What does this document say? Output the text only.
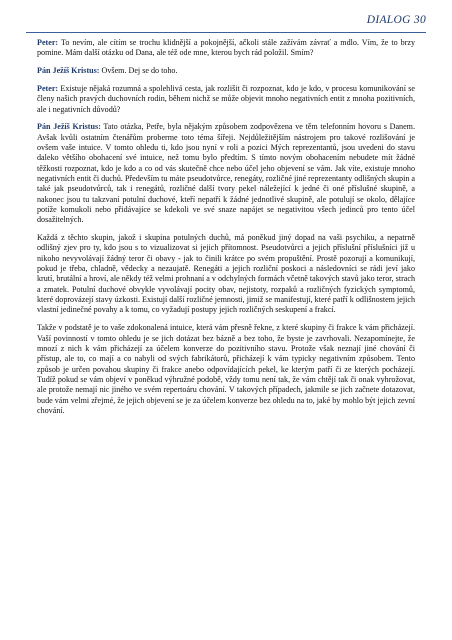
DIALOG 30

Peter: To nevím, ale cítím se trochu klidnější a pokojnější, ačkoli stále zažívám závrať a mdlo. Vím, že to brzy pomine. Mám další otázku od Dana, ale též ode mne, kterou bych rád položil. Smím?

Pán Ježíš Kristus: Ovšem. Dej se do toho.

Peter: Existuje nějaká rozumná a spolehlivá cesta, jak rozlišit či rozpoznat, kdo je kdo, v procesu komunikování se členy našich pravých duchovních rodin, během nichž se může objevit mnoho negativních entit z mnoha pozitivních, ale i negativních důvodů?

Pán Ježíš Kristus: Tato otázka, Petře, byla nějakým způsobem zodpovězena ve těm telefonním hovoru s Danem. Avšak kvůli ostatním čtenářům proberme toto téma šířeji. Nejdůležitějším nástrojem pro takové rozlišování je ovšem vaše intuice. V tomto ohledu ti, kdo jsou nyní v roli a pozici Mých reprezentantů, jsou uvedeni do stavu daleko většího obohacení své intuice, než tomu bylo předtím. S tímto novým obohacením nebudete mít žádné těžkosti rozpoznat, kdo je kdo a co od vás skutečně chce nebo účel jeho objevení se vám. Jak víte, existuje mnoho negativních entit či duchů. Především tu máte pseudotvůrce, renegáty, rozličné jiné reprezentanty odlišných skupin a také jak pseudotvůrců, tak i renegátů, rozličné další tvory pekel náležející k jedné či oné příslušné skupině, a nakonec jsou tu takzvaní potulní duchové, kteří nepatří k žádné jednotlivé skupině, ale potulují se okolo, dělajíce potíže komukoli nebo přidávajíce se kdekoli ve své snaze napájet se negativitou všech jedinců pro tento účel dosažitelných.

Každá z těchto skupin, jakož i skupina potulných duchů, má poněkud jiný dopad na vaši psychiku, a nepatrně odlišný zjev pro ty, kdo jsou s to vizualizovat si jejich přítomnost. Pseudotvůrci a jejich příslušní příslušníci již u nikoho nevyvolávají žádný teror či obavy - jak to činili krátce po svém propuštění. Prostě pozorují a komunikují, pokud je třeba, chladně, vědecky a nezaujatě. Renegáti a jejich rozliční poskoci a následovníci se rádi jeví jako krutí, brutální a hroví, ale někdy též velmi prohnaní a v odchylných formách včetně takových stavů jako teror, strach a zmatek. Potulní duchové obvykle vyvolávají pocity obav, nejistoty, rozpaků a rozličných fyzických symptomů, které doprovázejí stavy úzkosti. Existují další rozličné jemnosti, jimiž se manifestují, které patří k odlišnostem jejich vlastní jedinečné povahy a k tomu, co vyžadují postupy jejich rozličných seskupení a frakcí.

Takže v podstatě je to vaše zdokonalená intuice, která vám přesně řekne, z které skupiny či frakce k vám přicházejí. Vaší povinností v tomto ohledu je se jich dotázat bez bázně a bez toho, že byste je zavrhovali. Nezapomínejte, že mnozí z nich k vám přicházejí za účelem konverze do pozitivního stavu. Protože však neznají jiné chování či přístup, ale to, co mají a co nabyli od svých fabrikátorů, přicházejí k vám typicky negativním způsobem. Tento způsob je určen povahou skupiny či frakce anebo odpovídajících pekel, ke kterým patří či ze kterých pocházejí. Tudíž pokud se vám objeví v poněkud výhružné podobě, vždy tomu není tak, že vám chtějí tak či onak vyhrožovat, ale protože nemají nic jiného ve svém repertoáru chování. V takových případech, jakmile se jich začnete dotazovat, bude vám velmi zřejmé, že jejich objevení se je za účelem konverze bez ohledu na to, jaké by mohlo být jejich zevní chování.
